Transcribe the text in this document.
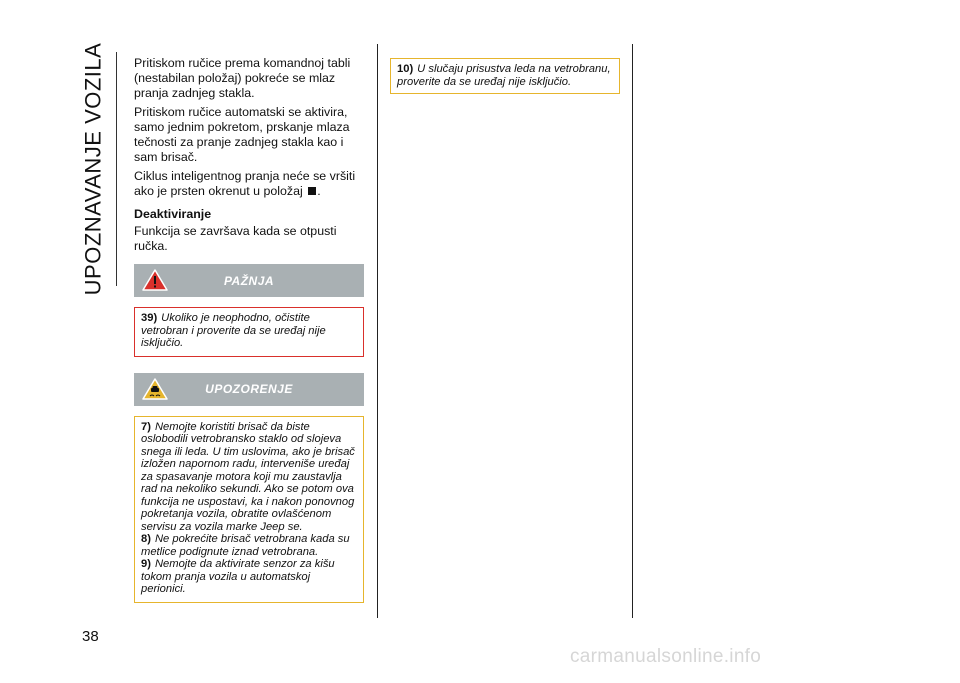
UPOZNAVANJE VOZILA
38

Pritiskom ručice prema komandnoj tabli (nestabilan položaj) pokreće se mlaz pranja zadnjeg stakla.

Pritiskom ručice automatski se aktivira, samo jednim pokretom, prskanje mlaza tečnosti za pranje zadnjeg stakla kao i sam brisač.

Ciklus inteligentnog pranja neće se vršiti ako je prsten okrenut u položaj .

Deaktiviranje

Funkcija se završava kada se otpusti ručka.

PAŽNJA

39) Ukoliko je neophodno, očistite vetrobran i proverite da se uređaj nije isključio.

UPOZORENJE

7) Nemojte koristiti brisač da biste oslobodili vetrobransko staklo od slojeva snega ili leda. U tim uslovima, ako je brisač izložen napornom radu, interveniše uređaj za spasavanje motora koji mu zaustavlja rad na nekoliko sekundi. Ako se potom ova funkcija ne uspostavi, ka i nakon ponovnog pokretanja vozila, obratite ovlašćenom servisu za vozila marke Jeep se.

8) Ne pokrećite brisač vetrobrana kada su metlice podignute iznad vetrobrana.

9) Nemojte da aktivirate senzor za kišu tokom pranja vozila u automatskoj perionici.

10) U slučaju prisustva leda na vetrobranu, proverite da se uređaj nije isključio.

carmanualsonline.info
